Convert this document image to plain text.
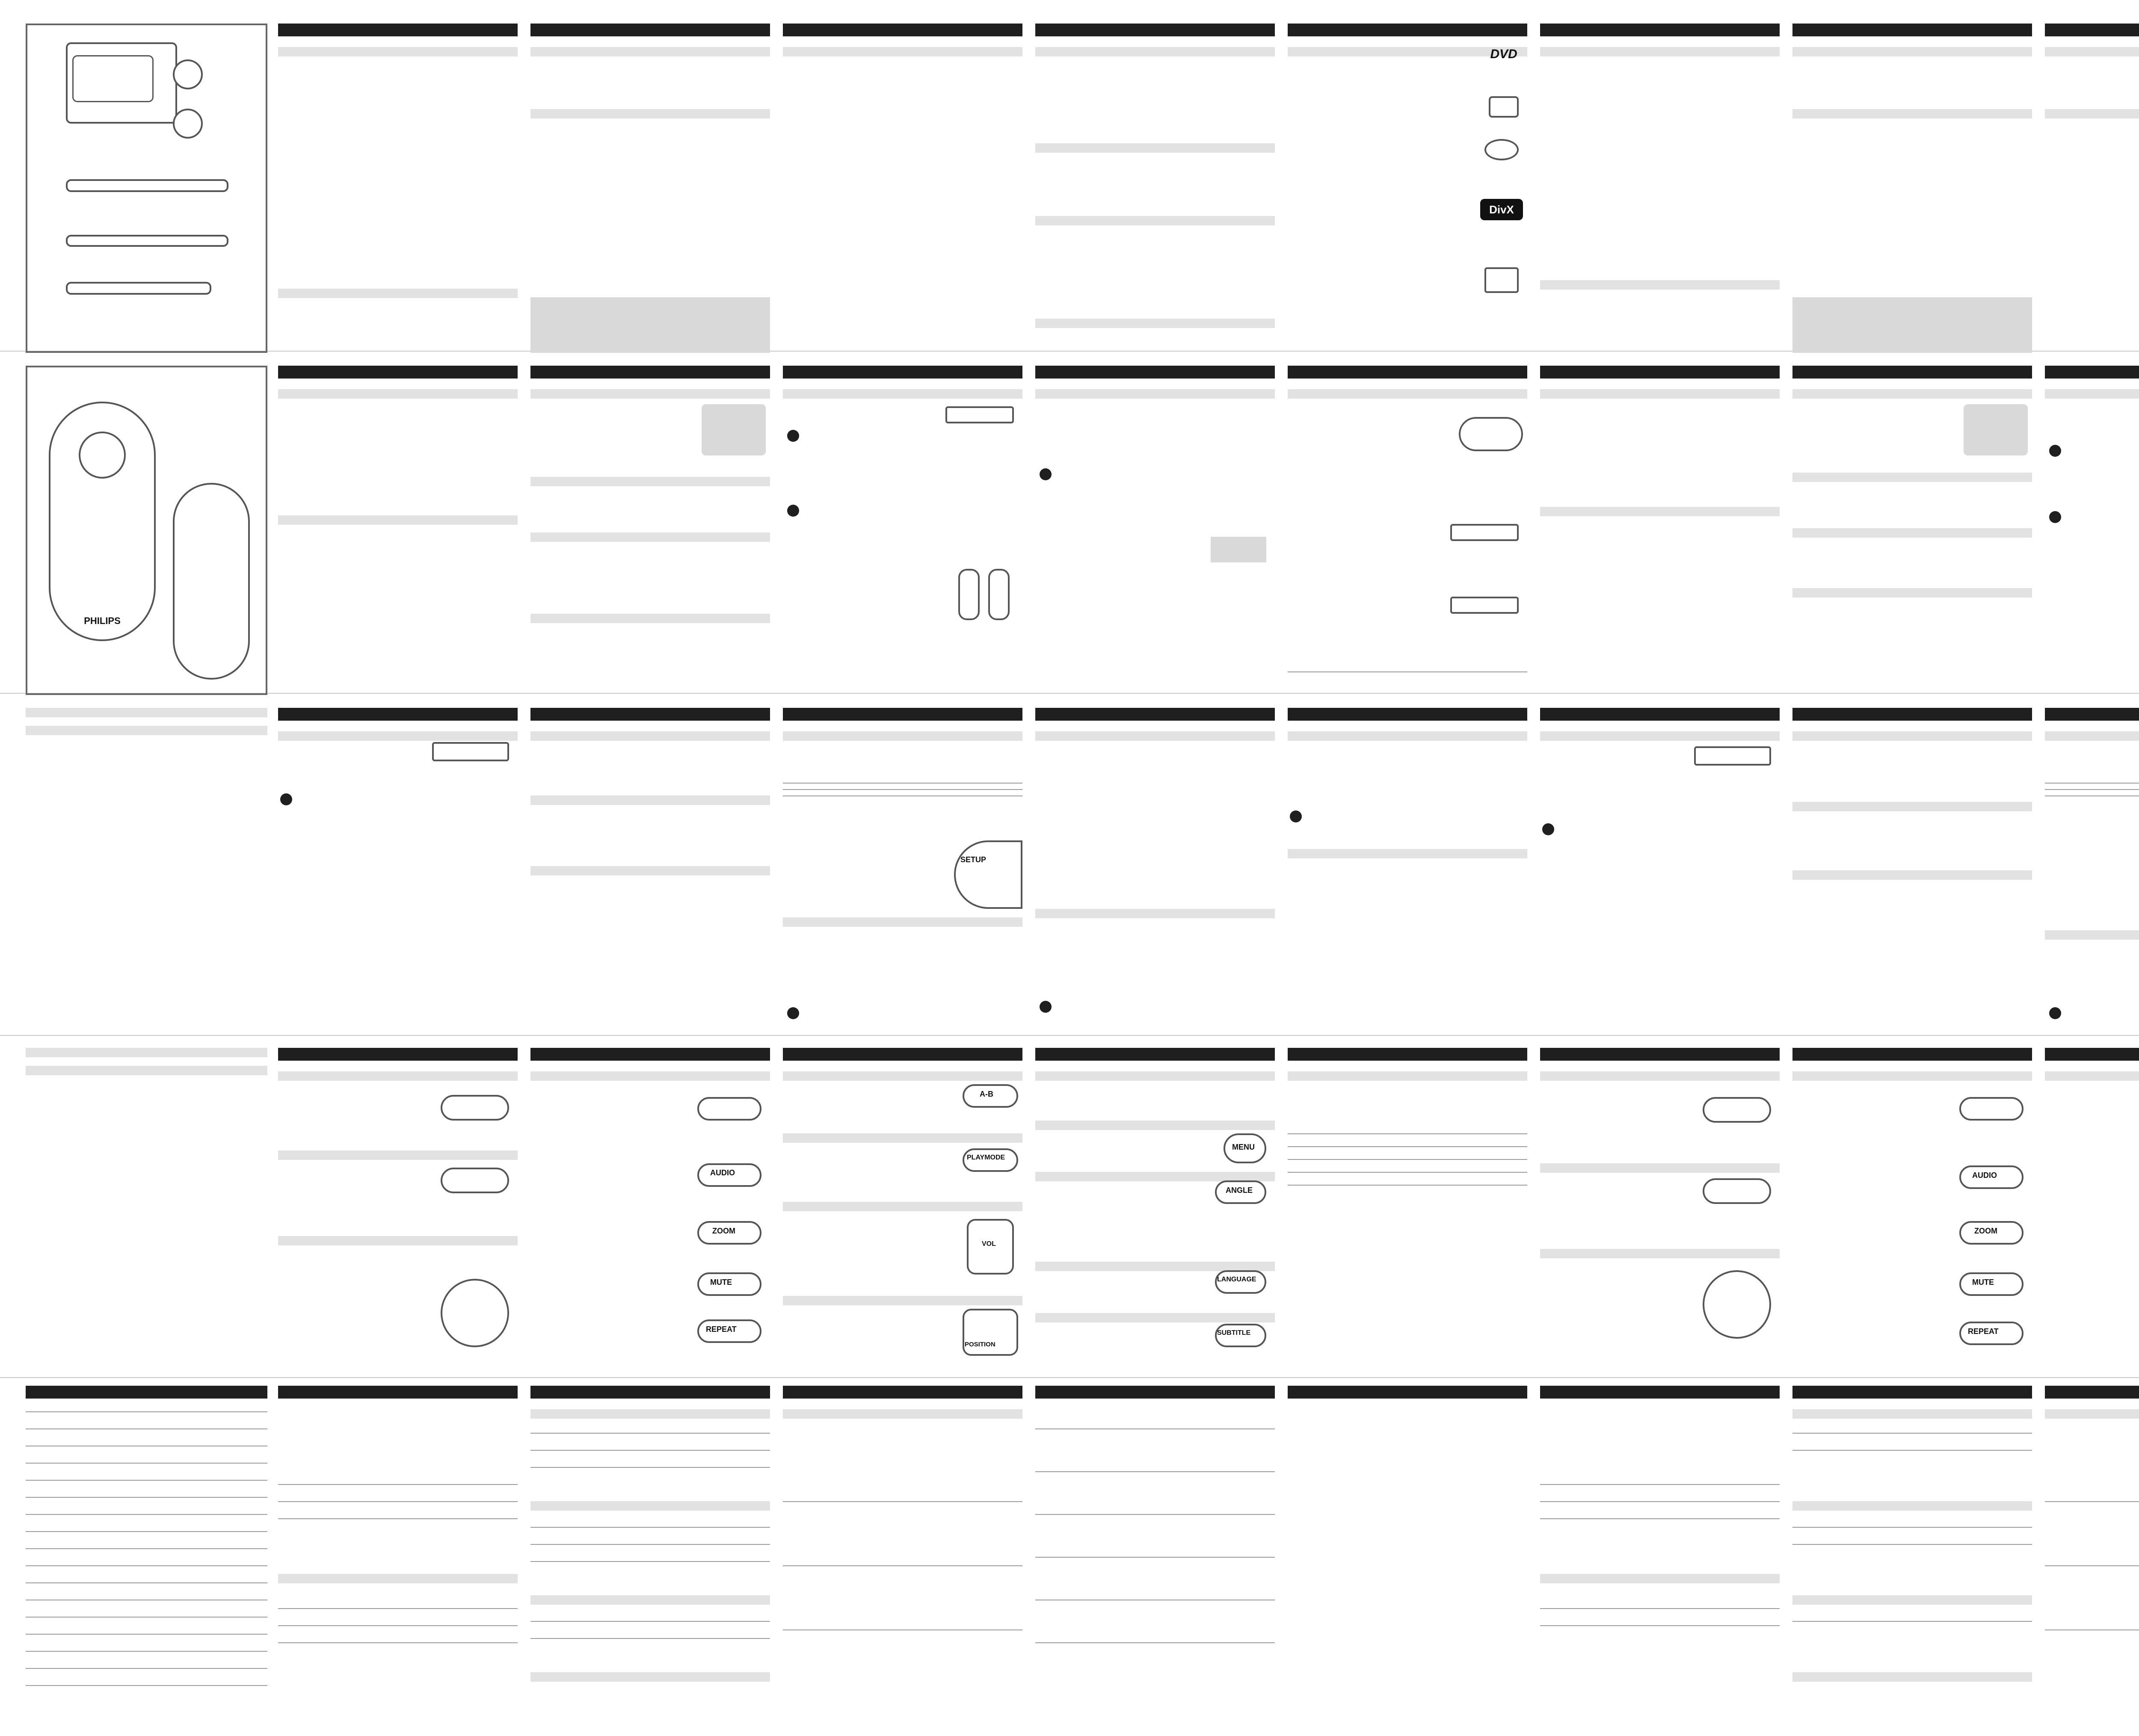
DVD
DivX
PHILIPS
SETUP
AUDIO
ZOOM
MUTE
REPEAT
A-B
PLAYMODE
VOL
POSITION
MENU
ANGLE
LANGUAGE
SUBTITLE
AUDIO
ZOOM
MUTE
REPEAT
